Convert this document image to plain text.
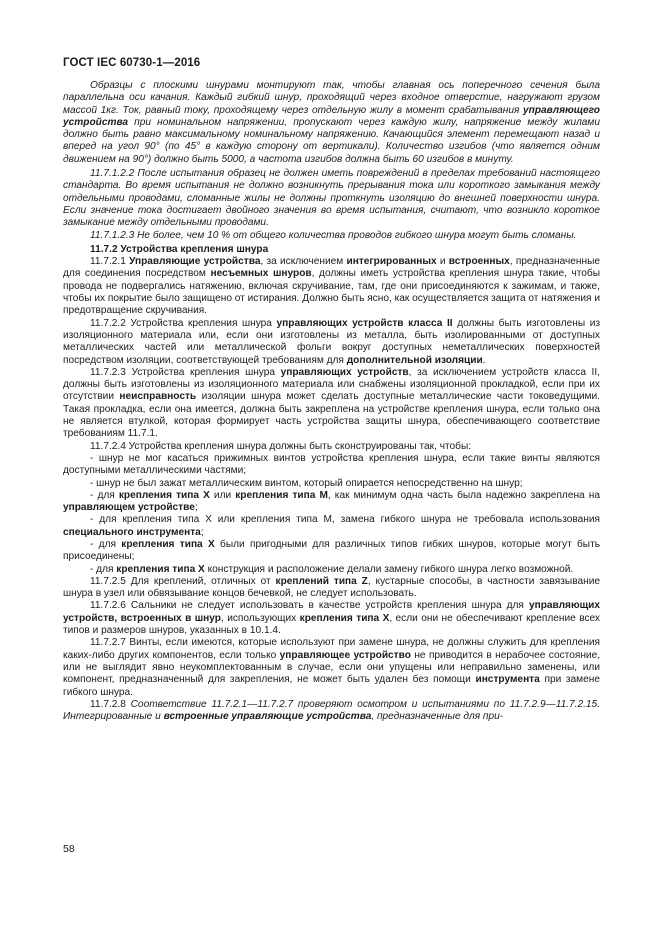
ГОСТ IEC 60730-1—2016

Образцы с плоскими шнурами монтируют так, чтобы главная ось поперечного сечения была параллельна оси качания. Каждый гибкий шнур, проходящий через входное отверстие, нагружают грузом массой 1кг. Ток, равный току, проходящему через отдельную жилу в момент срабатывания управляющего устройства при номинальном напряжении, пропускают через каждую жилу, напряжение между жилами должно быть равно максимальному номинальному напряжению. Качающийся элемент перемещают назад и вперед на угол 90° (по 45° в каждую сторону от вертикали). Количество изгибов (что является одним движением на 90°) должно быть 5000, а частота изгибов должна быть 60 изгибов в минуту.

11.7.1.2.2 После испытания образец не должен иметь повреждений в пределах требований настоящего стандарта. Во время испытания не должно возникнуть прерывания тока или короткого замыкания между отдельными проводами, сломанные жилы не должны проткнуть изоляцию до внешней поверхности шнура. Если значение тока достигает двойного значения во время испытания, считают, что возникло короткое замыкание между отдельными проводами.

11.7.1.2.3 Не более, чем 10 % от общего количества проводов гибкого шнура могут быть сломаны.

11.7.2 Устройства крепления шнура

11.7.2.1 Управляющие устройства, за исключением интегрированных и встроенных, предназначенные для соединения посредством несъемных шнуров, должны иметь устройства крепления шнура такие, чтобы провода не подвергались натяжению, включая скручивание, там, где они присоединяются к зажимам, и также, чтобы их покрытие было защищено от истирания. Должно быть ясно, как осуществляется защита от натяжения и предотвращение скручивания.

11.7.2.2 Устройства крепления шнура управляющих устройств класса II должны быть изготовлены из изоляционного материала или, если они изготовлены из металла, быть изолированными от доступных металлических частей или металлической фольги вокруг доступных неметаллических поверхностей посредством изоляции, соответствующей требованиям для дополнительной изоляции.

11.7.2.3 Устройства крепления шнура управляющих устройств, за исключением устройств класса II, должны быть изготовлены из изоляционного материала или снабжены изоляционной прокладкой, если при их отсутствии неисправность изоляции шнура может сделать доступные металлические части токоведущими. Такая прокладка, если она имеется, должна быть закреплена на устройстве крепления шнура, если только она не является втулкой, которая формирует часть устройства защиты шнура, обеспечивающего соответствие требованиям 11.7.1.

11.7.2.4 Устройства крепления шнура должны быть сконструированы так, чтобы:

- шнур не мог касаться прижимных винтов устройства крепления шнура, если такие винты являются доступными металлическими частями;

- шнур не был зажат металлическим винтом, который опирается непосредственно на шнур;

- для крепления типа X или крепления типа M, как минимум одна часть была надежно закреплена на управляющем устройстве;

- для крепления типа X или крепления типа M, замена гибкого шнура не требовала использования специального инструмента;

- для крепления типа X были пригодными для различных типов гибких шнуров, которые могут быть присоединены;

- для крепления типа X конструкция и расположение делали замену гибкого шнура легко возможной.

11.7.2.5 Для креплений, отличных от креплений типа Z, кустарные способы, в частности завязывание шнура в узел или обвязывание концов бечевкой, не следует использовать.

11.7.2.6 Сальники не следует использовать в качестве устройств крепления шнура для управляющих устройств, встроенных в шнур, использующих крепления типа X, если они не обеспечивают крепление всех типов и размеров шнуров, указанных в 10.1.4.

11.7.2.7 Винты, если имеются, которые используют при замене шнура, не должны служить для крепления каких-либо других компонентов, если только управляющее устройство не приводится в нерабочее состояние, или не выглядит явно неукомплектованным в случае, если они упущены или неправильно заменены, или компонент, предназначенный для закрепления, не может быть удален без помощи инструмента при замене гибкого шнура.

11.7.2.8 Соответствие 11.7.2.1—11.7.2.7 проверяют осмотром и испытаниями по 11.7.2.9—11.7.2.15. Интегрированные и встроенные управляющие устройства, предназначенные для при-

58
